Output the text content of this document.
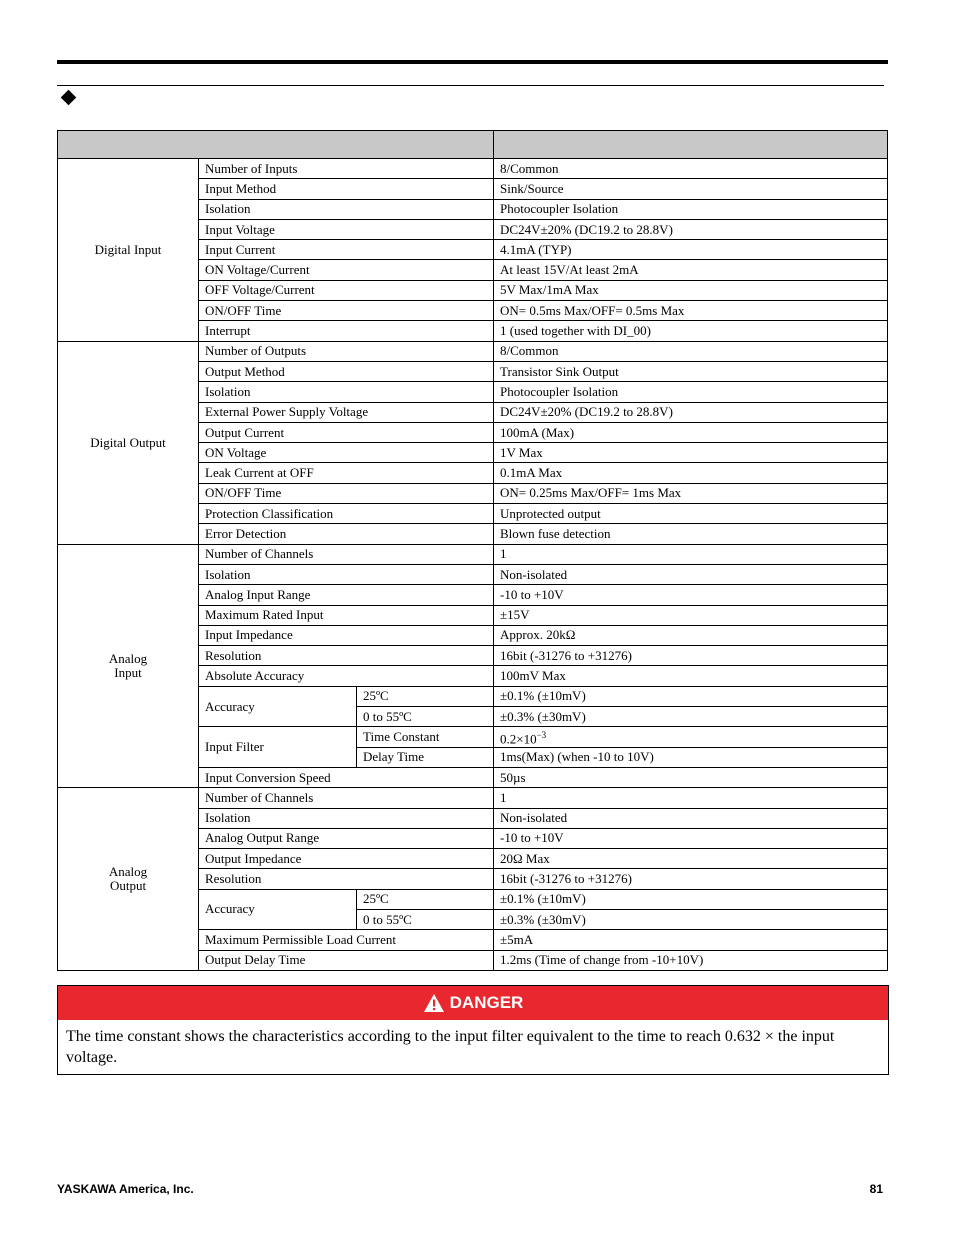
Digital Input	Number of Inputs		8/Common
	Input Method		Sink/Source
	Isolation		Photocoupler Isolation
	Input Voltage		DC24V±20% (DC19.2 to 28.8V)
	Input Current		4.1mA (TYP)
	ON Voltage/Current		At least 15V/At least 2mA
	OFF Voltage/Current		5V Max/1mA Max
	ON/OFF Time		ON= 0.5ms Max/OFF= 0.5ms Max
	Interrupt		1 (used together with DI_00)

Digital Output	Number of Outputs		8/Common
	Output Method		Transistor Sink Output
	Isolation		Photocoupler Isolation
	External Power Supply Voltage		DC24V±20% (DC19.2 to 28.8V)
	Output Current		100mA (Max)
	ON Voltage		1V Max
	Leak Current at OFF		0.1mA Max
	ON/OFF Time		ON= 0.25ms Max/OFF= 1ms Max
	Protection Classification		Unprotected output
	Error Detection		Blown fuse detection

Analog
Input	Number of Channels		1
	Isolation		Non-isolated
	Analog Input Range		-10 to +10V
	Maximum Rated Input		±15V
	Input Impedance		Approx. 20kΩ
	Resolution		16bit (-31276 to +31276)
	Absolute Accuracy		100mV Max
	Accuracy	25ºC	±0.1% (±10mV)
		0 to 55ºC	±0.3% (±30mV)
	Input Filter	Time Constant	$0.2\times 10^{-3}$
		Delay Time	1ms(Max) (when -10 to 10V)
	Input Conversion Speed		50µs

Analog
Output	Number of Channels		1
	Isolation		Non-isolated
	Analog Output Range		-10 to +10V
	Output Impedance		20Ω Max
	Resolution		16bit (-31276 to +31276)
	Accuracy	25ºC	±0.1% (±10mV)
		0 to 55ºC	±0.3% (±30mV)
	Maximum Permissible Load Current		±5mA
	Output Delay Time		1.2ms (Time of change from -10+10V)
DANGER
The time constant shows the characteristics according to the input filter equivalent to the time to reach 0.632 × the input voltage.
YASKAWA America, Inc.	81
